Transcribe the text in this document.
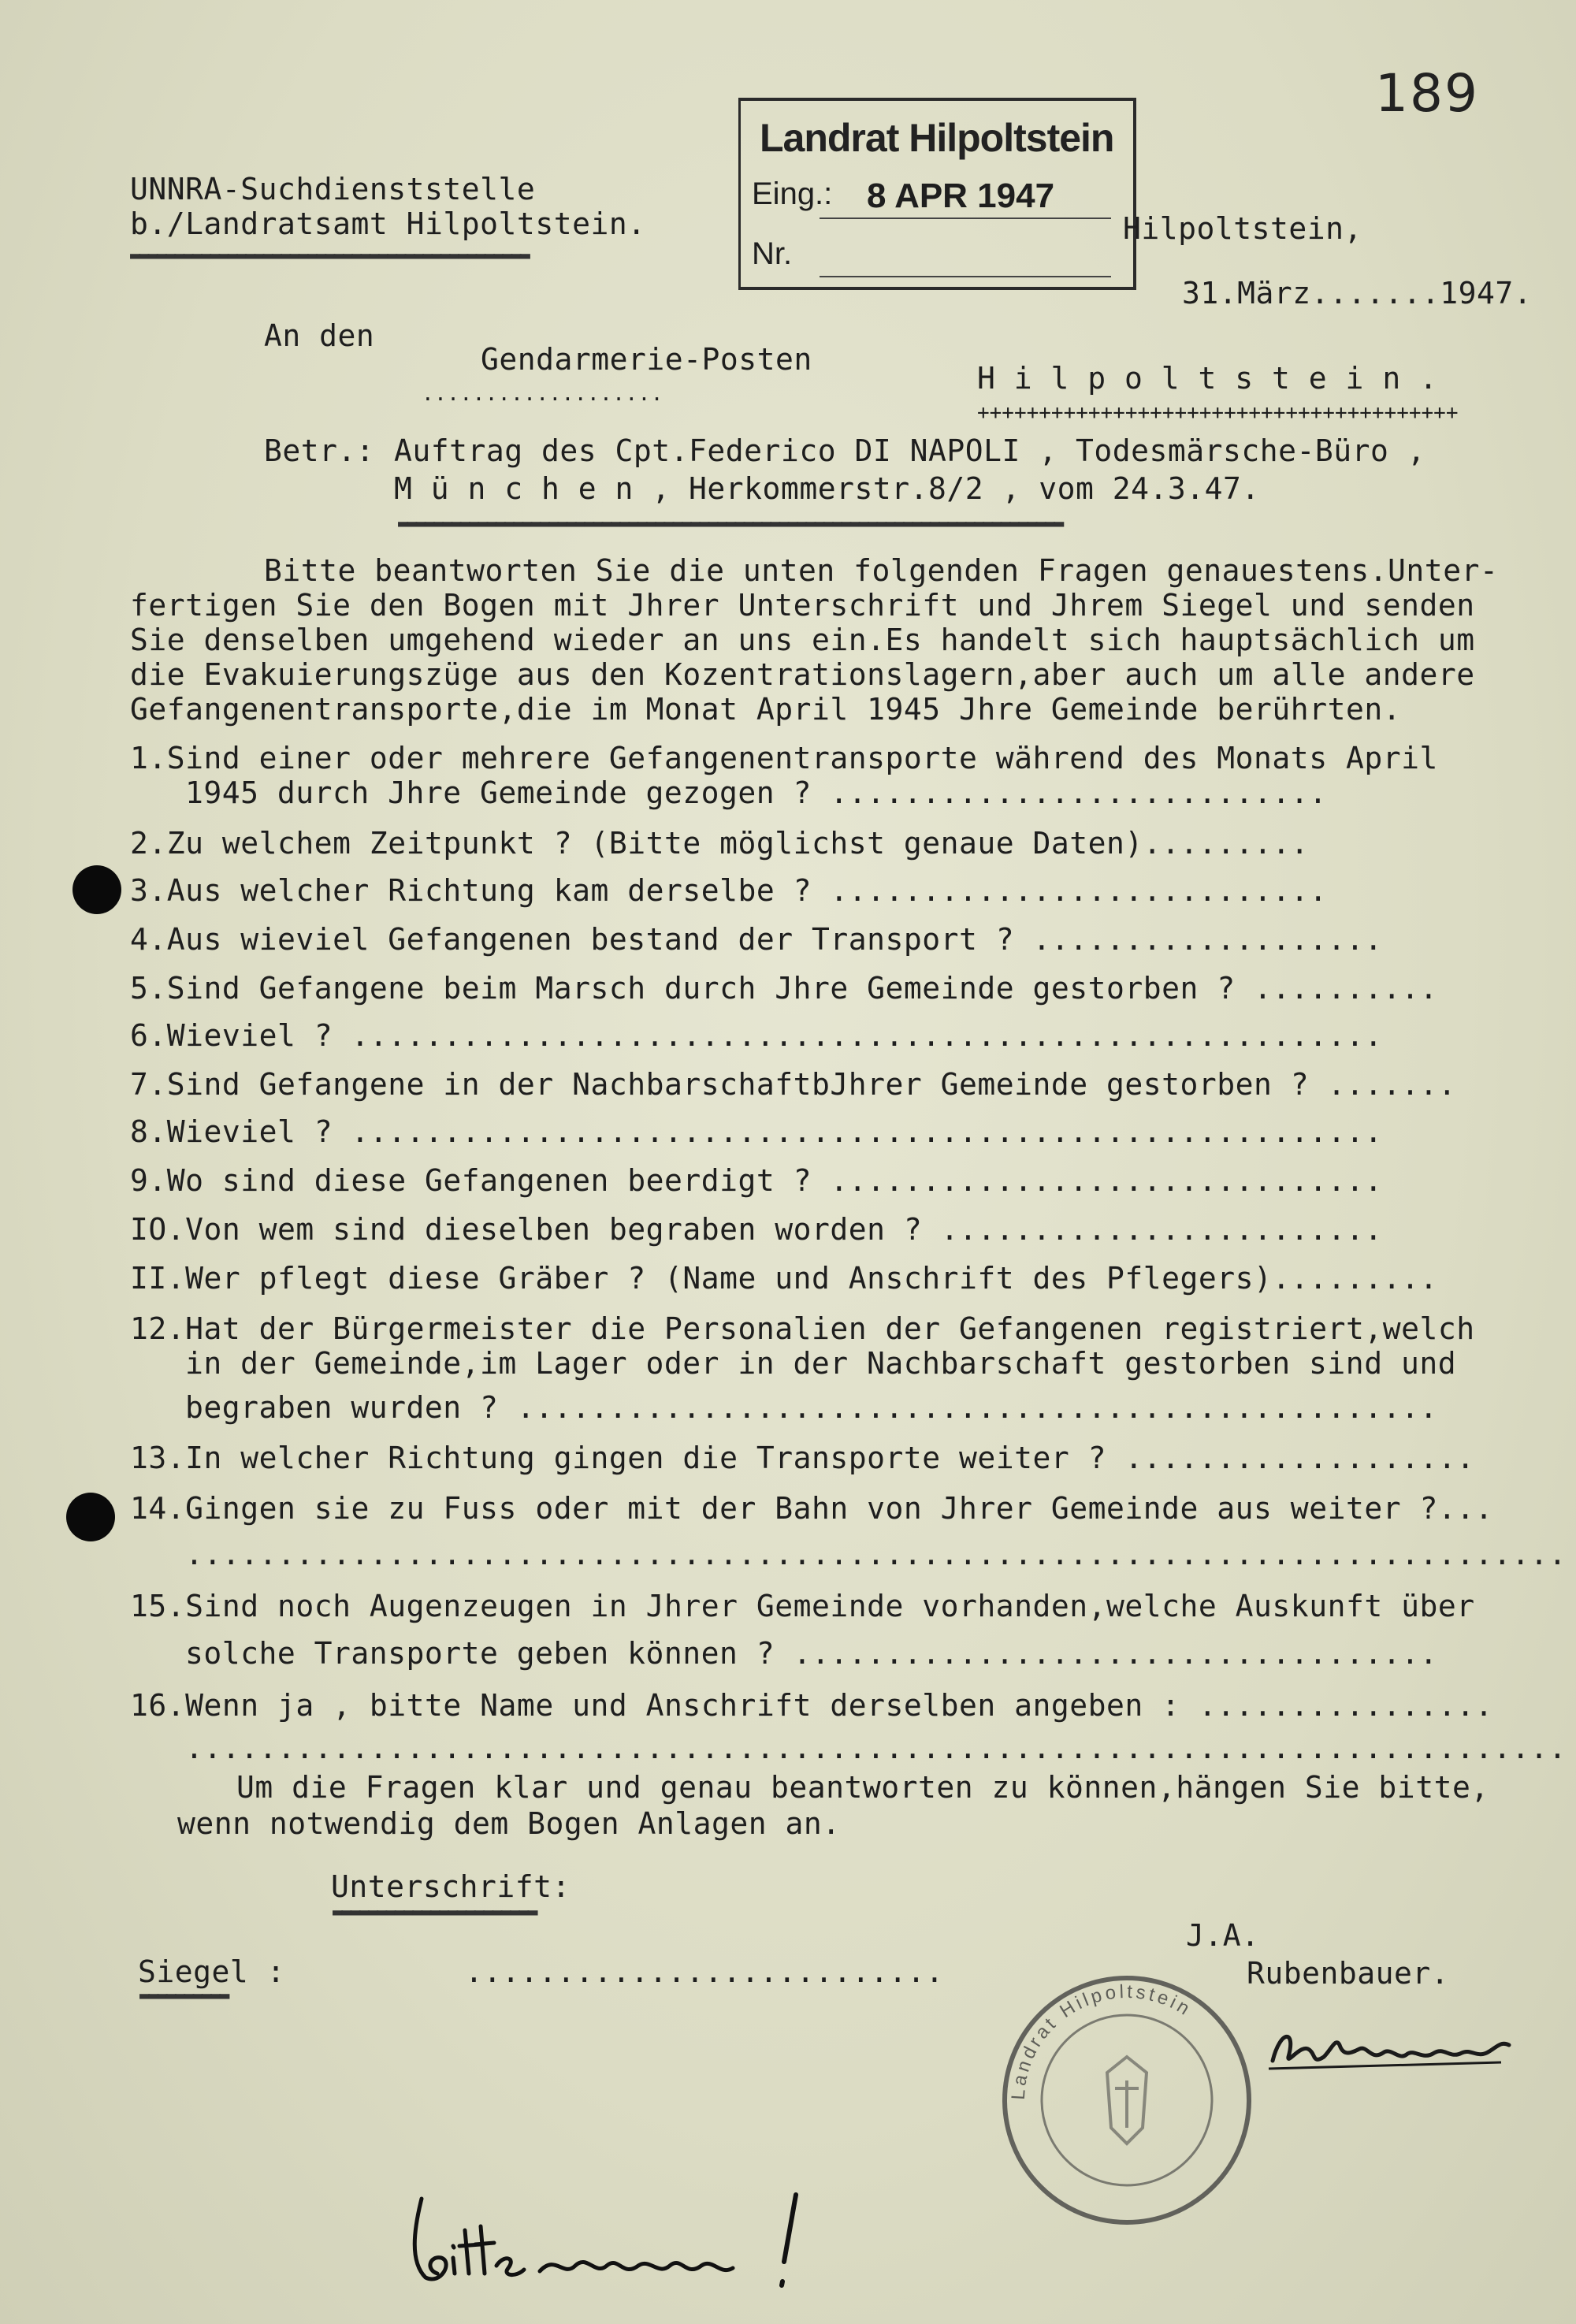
189
Landrat Hilpoltstein
Eing.: 8 APR 1947
Nr.
UNNRA-Suchdienststelle
b./Landratsamt Hilpoltstein.
▬▬▬▬▬▬▬▬▬▬▬▬▬▬▬▬▬▬▬▬▬▬▬▬▬▬▬▬▬▬▬▬▬▬▬▬▬▬▬▬▬▬▬▬▬
Hilpoltstein,
31.März.......1947.
An den
Gendarmerie-Posten
...................	H i l p o l t s t e i n .
+++++++++++++++++++++++++++++++++++++++
Betr.: Auftrag des Cpt.Federico DI NAPOLI , Todesmärsche-Büro ,
M ü n c h e n , Herkommerstr.8/2 , vom 24.3.47.
▬▬▬▬▬▬▬▬▬▬▬▬▬▬▬▬▬▬▬▬▬▬▬▬▬▬▬▬▬▬▬▬▬▬▬▬▬▬▬▬▬▬▬▬▬▬▬▬▬▬▬▬▬▬▬▬▬▬▬▬▬▬▬▬▬▬▬▬▬▬▬▬▬▬▬
Bitte beantworten Sie die unten folgenden Fragen genauestens.Unter-
fertigen Sie den Bogen mit Jhrer Unterschrift und Jhrem Siegel und senden
Sie denselben umgehend wieder an uns ein.Es handelt sich hauptsächlich um
die Evakuierungszüge aus den Kozentrationslagern,aber auch um alle andere
Gefangenentransporte,die im Monat April 1945 Jhre Gemeinde berührten.
1.Sind einer oder mehrere Gefangenentransporte während des Monats April
1945 durch Jhre Gemeinde gezogen ? ...........................
2.Zu welchem Zeitpunkt ? (Bitte möglichst genaue Daten).........
3.Aus welcher Richtung kam derselbe ? ...........................
4.Aus wieviel Gefangenen bestand der Transport ? ...................
5.Sind Gefangene beim Marsch durch Jhre Gemeinde gestorben ? ..........
6.Wieviel ? ........................................................
7.Sind Gefangene in der NachbarschaftbJhrer Gemeinde gestorben ? .......
8.Wieviel ? ........................................................
9.Wo sind diese Gefangenen beerdigt ? ..............................
IO.Von wem sind dieselben begraben worden ? ........................
II.Wer pflegt diese Gräber ? (Name und Anschrift des Pflegers).........
12.Hat der Bürgermeister die Personalien der Gefangenen registriert,welch
in der Gemeinde,im Lager oder in der Nachbarschaft gestorben sind und
begraben wurden ? ..................................................
13.In welcher Richtung gingen die Transporte weiter ? ...................
14.Gingen sie zu Fuss oder mit der Bahn von Jhrer Gemeinde aus weiter ?...
...........................................................................
15.Sind noch Augenzeugen in Jhrer Gemeinde vorhanden,welche Auskunft über
solche Transporte geben können ? ...................................
16.Wenn ja , bitte Name und Anschrift derselben angeben : ................
...........................................................................
Um die Fragen klar und genau beantworten zu können,hängen Sie bitte,
wenn notwendig dem Bogen Anlagen an.
Unterschrift:
▬▬▬▬▬▬▬▬▬▬▬▬▬▬▬▬▬▬▬▬▬▬▬
J.A.
Siegel :
▬▬▬▬▬▬▬▬▬▬
..........................	Rubenbauer.
Landrat Hilpoltstein
bitte senden !
